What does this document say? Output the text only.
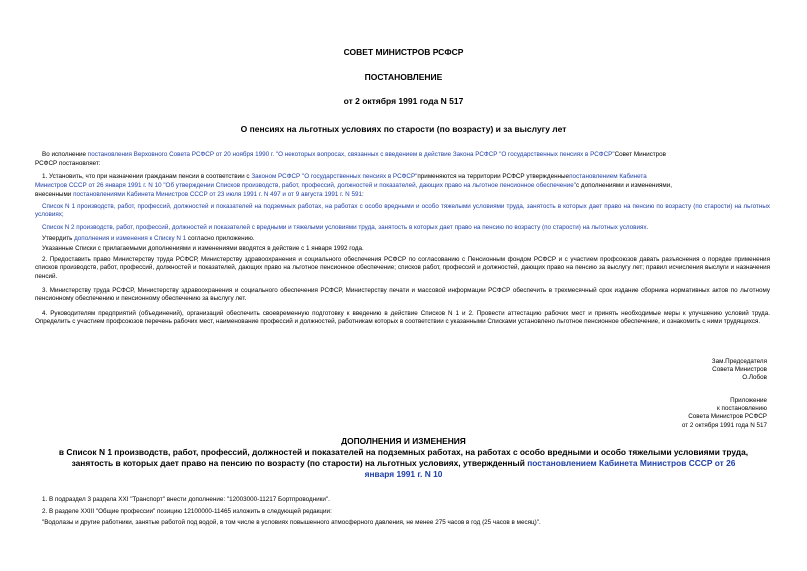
СОВЕТ МИНИСТРОВ РСФСР
ПОСТАНОВЛЕНИЕ
от 2 октября 1991 года N 517
О пенсиях на льготных условиях по старости (по возрасту) и за выслугу лет
Во исполнение постановления Верховного Совета РСФСР от 20 ноября 1990 г. "О некоторых вопросах, связанных с введением в действие Закона РСФСР "О государственных пенсиях в РСФСР"Совет Министров
РСФСР постановляет:
1. Установить, что при назначении гражданам пенсии в соответствии с Законом РСФСР "О государственных пенсиях в РСФСР"применяются на территории РСФСР утвержденныепостановлением Кабинета
Министров СССР от 26 января 1991 г. N 10 "Об утверждении Списков производств, работ, профессий, должностей и показателей, дающих право на льготное пенсионное обеспечение"с дополнениями и изменениями,
внесенными постановлениями Кабинета Министров СССР от 23 июля 1991 г. N 497 и от 9 августа 1991 г. N 591:
Список N 1 производств, работ, профессий, должностей и показателей на подземных работах, на работах с особо вредными и особо тяжелыми условиями труда, занятость в которых дает право на пенсию по возрасту (по старости) на льготных условиях;
Список N 2 производств, работ, профессий, должностей и показателей с вредными и тяжелыми условиями труда, занятость в которых дает право на пенсию по возрасту (по старости) на льготных условиях.
Утвердить дополнения и изменения к Списку N 1 согласно приложению.
Указанные Списки с прилагаемыми дополнениями и изменениями вводятся в действие с 1 января 1992 года.
2. Предоставить право Министерству труда РСФСР, Министерству здравоохранения и социального обеспечения РСФСР по согласованию с Пенсионным фондом РСФСР и с участием профсоюзов давать разъяснения о порядке применения списков производств, работ, профессий, должностей и показателей, дающих право на льготное пенсионное обеспечение; списков работ, профессий и должностей, дающих право на пенсию за выслугу лет; правил исчисления выслуги и назначения пенсий.
3. Министерству труда РСФСР, Министерству здравоохранения и социального обеспечения РСФСР, Министерству печати и массовой информации РСФСР обеспечить в трехмесячный срок издание сборника нормативных актов по льготному пенсионному обеспечению и пенсионному обеспечению за выслугу лет.
4. Руководителям предприятий (объединений), организаций обеспечить своевременную подготовку к введению в действие Списков N 1 и 2. Провести аттестацию рабочих мест и принять необходимые меры к улучшению условий труда. Определить с участием профсоюзов перечень рабочих мест, наименование профессий и должностей, работникам которых в соответствии с указанными Списками установлено льготное пенсионное обеспечение, и ознакомить с ними трудящихся.
Зам.Председателя
Совета Министров
О.Лобов
Приложение
к постановлению
Совета Министров РСФСР
от 2 октября 1991 года N 517
ДОПОЛНЕНИЯ И ИЗМЕНЕНИЯ
в Список N 1 производств, работ, профессий, должностей и показателей на подземных работах, на работах с особо вредными и особо тяжелыми условиями труда,
занятость в которых дает право на пенсию по возрасту (по старости) на льготных условиях, утвержденный постановлением Кабинета Министров СССР от 26
января 1991 г. N 10
1. В подраздел 3 раздела XXI "Транспорт" внести дополнение: "12003000-11217 Бортпроводники".
2. В разделе XXIII "Общие профессии" позицию 12100000-11465 изложить в следующей редакции:
"Водолазы и другие работники, занятые работой под водой, в том числе в условиях повышенного атмосферного давления, не менее 275 часов в год (25 часов в месяц)".
